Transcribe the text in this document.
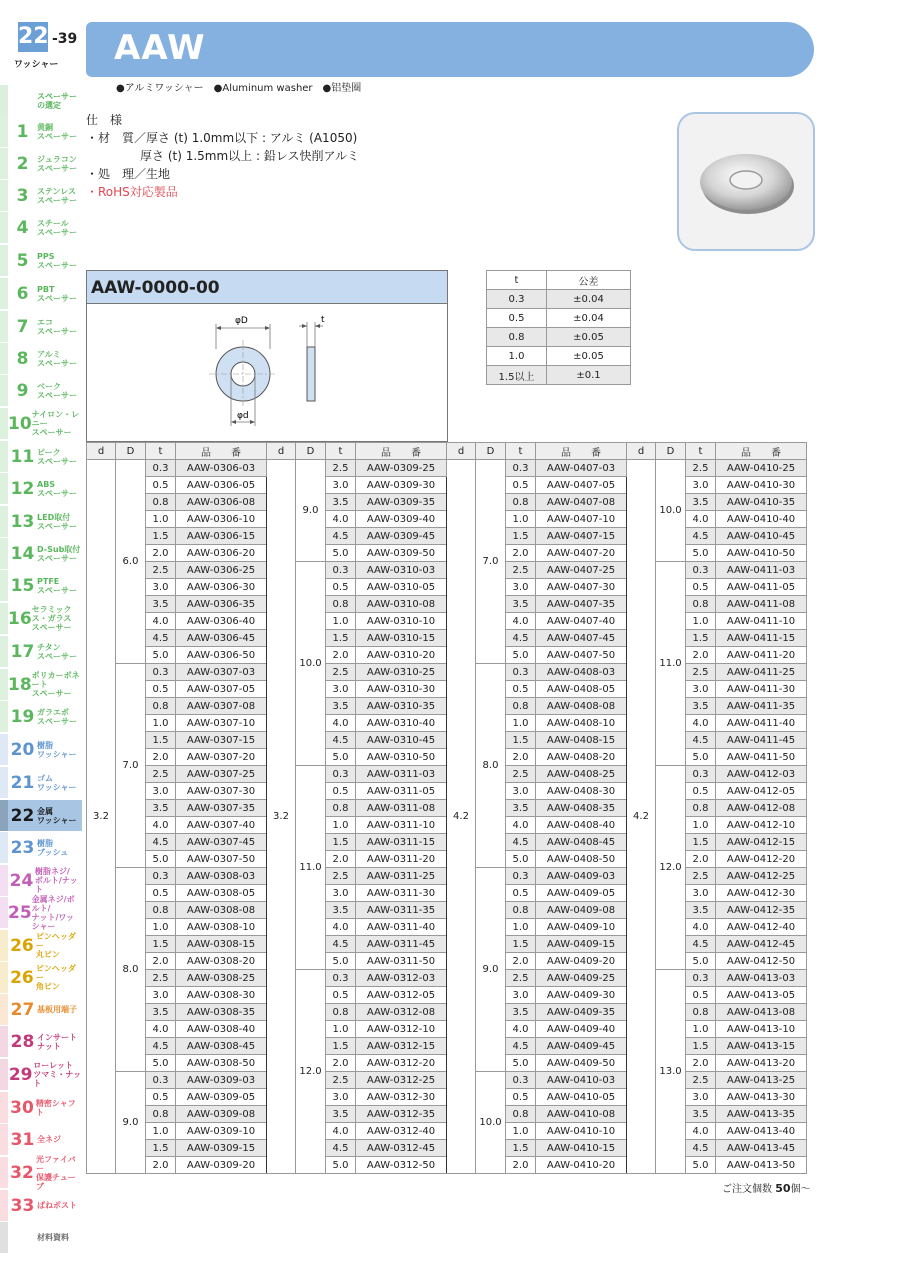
22 -39
ワッシャー
スペーサー
の選定
1	黄銅
スペーサー
2	ジュラコン
スペーサー
3	ステンレス
スペーサー
4	スチール
スペーサー
5	PPS
スペーサー
6	PBT
スペーサー
7	エコ
スペーサー
8	アルミ
スペーサー
9	ベーク
スペーサー
10 ナイロン・レニー
スペーサー
11 ピーク
スペーサー
12 ABS
スペーサー
13 LED取付
スペーサー
14 D-Sub取付
スペーサー
15 PTFE
スペーサー
16 セラミックス・ガラス
スペーサー
17 チタン
スペーサー
18 ポリカーボネート
スペーサー
19 ガラエポ
スペーサー
20 樹脂
ワッシャー
21 ゴム
ワッシャー
22 金属
ワッシャー
23 樹脂
ブッシュ
24 樹脂ネジ/
ボルト/ナット
25
金属ネジ/ボルト/
ナット/ワッシャー
26 ピンヘッダー
丸ピン
26 ピンヘッダー
角ピン
27 基板用端子
28 インサート
ナット
29 ローレット
ツマミ・ナット
30 精密シャフト
31 全ネジ
32
光ファイバー
保護チューブ
33 ばねポスト
材料資料
AAW
●アルミワッシャー　●Aluminum washer　●铝垫圈
仕　様
・材　質／厚さ (t) 1.0mm以下 : アルミ (A1050)
厚さ (t) 1.5mm以上 : 鉛レス快削アルミ
・処　理／生地
・RoHS対応製品
AAW-0000-00
φD
φd
t
t	公差
0.3	±0.04
0.5	±0.04
0.8	±0.05
1.0	±0.05
1.5以上	±0.1
d	D	t	品　　番	d	D	t	品　　番	d	D	t	品　　番	d	D	t	品　　番
3.2	6.0	0.3	AAW-0306-03	3.2	9.0	2.5	AAW-0309-25	4.2	7.0	0.3	AAW-0407-03	4.2	10.0	2.5	AAW-0410-25
		0.5	AAW-0306-05			3.0	AAW-0309-30			0.5	AAW-0407-05			3.0	AAW-0410-30
		0.8	AAW-0306-08			3.5	AAW-0309-35			0.8	AAW-0407-08			3.5	AAW-0410-35
		1.0	AAW-0306-10			4.0	AAW-0309-40			1.0	AAW-0407-10			4.0	AAW-0410-40
		1.5	AAW-0306-15			4.5	AAW-0309-45			1.5	AAW-0407-15			4.5	AAW-0410-45
		2.0	AAW-0306-20			5.0	AAW-0309-50			2.0	AAW-0407-20			5.0	AAW-0410-50
		2.5	AAW-0306-25		10.0	0.3	AAW-0310-03			2.5	AAW-0407-25		11.0	0.3	AAW-0411-03
		3.0	AAW-0306-30			0.5	AAW-0310-05			3.0	AAW-0407-30			0.5	AAW-0411-05
		3.5	AAW-0306-35			0.8	AAW-0310-08			3.5	AAW-0407-35			0.8	AAW-0411-08
		4.0	AAW-0306-40			1.0	AAW-0310-10			4.0	AAW-0407-40			1.0	AAW-0411-10
		4.5	AAW-0306-45			1.5	AAW-0310-15			4.5	AAW-0407-45			1.5	AAW-0411-15
		5.0	AAW-0306-50			2.0	AAW-0310-20			5.0	AAW-0407-50			2.0	AAW-0411-20
	7.0	0.3	AAW-0307-03			2.5	AAW-0310-25		8.0	0.3	AAW-0408-03			2.5	AAW-0411-25
		0.5	AAW-0307-05			3.0	AAW-0310-30			0.5	AAW-0408-05			3.0	AAW-0411-30
		0.8	AAW-0307-08			3.5	AAW-0310-35			0.8	AAW-0408-08			3.5	AAW-0411-35
		1.0	AAW-0307-10			4.0	AAW-0310-40			1.0	AAW-0408-10			4.0	AAW-0411-40
		1.5	AAW-0307-15			4.5	AAW-0310-45			1.5	AAW-0408-15			4.5	AAW-0411-45
		2.0	AAW-0307-20			5.0	AAW-0310-50			2.0	AAW-0408-20			5.0	AAW-0411-50
		2.5	AAW-0307-25		11.0	0.3	AAW-0311-03			2.5	AAW-0408-25		12.0	0.3	AAW-0412-03
		3.0	AAW-0307-30			0.5	AAW-0311-05			3.0	AAW-0408-30			0.5	AAW-0412-05
		3.5	AAW-0307-35			0.8	AAW-0311-08			3.5	AAW-0408-35			0.8	AAW-0412-08
		4.0	AAW-0307-40			1.0	AAW-0311-10			4.0	AAW-0408-40			1.0	AAW-0412-10
		4.5	AAW-0307-45			1.5	AAW-0311-15			4.5	AAW-0408-45			1.5	AAW-0412-15
		5.0	AAW-0307-50			2.0	AAW-0311-20			5.0	AAW-0408-50			2.0	AAW-0412-20
	8.0	0.3	AAW-0308-03			2.5	AAW-0311-25		9.0	0.3	AAW-0409-03			2.5	AAW-0412-25
		0.5	AAW-0308-05			3.0	AAW-0311-30			0.5	AAW-0409-05			3.0	AAW-0412-30
		0.8	AAW-0308-08			3.5	AAW-0311-35			0.8	AAW-0409-08			3.5	AAW-0412-35
		1.0	AAW-0308-10			4.0	AAW-0311-40			1.0	AAW-0409-10			4.0	AAW-0412-40
		1.5	AAW-0308-15			4.5	AAW-0311-45			1.5	AAW-0409-15			4.5	AAW-0412-45
		2.0	AAW-0308-20			5.0	AAW-0311-50			2.0	AAW-0409-20			5.0	AAW-0412-50
		2.5	AAW-0308-25		12.0	0.3	AAW-0312-03			2.5	AAW-0409-25		13.0	0.3	AAW-0413-03
		3.0	AAW-0308-30			0.5	AAW-0312-05			3.0	AAW-0409-30			0.5	AAW-0413-05
		3.5	AAW-0308-35			0.8	AAW-0312-08			3.5	AAW-0409-35			0.8	AAW-0413-08
		4.0	AAW-0308-40			1.0	AAW-0312-10			4.0	AAW-0409-40			1.0	AAW-0413-10
		4.5	AAW-0308-45			1.5	AAW-0312-15			4.5	AAW-0409-45			1.5	AAW-0413-15
		5.0	AAW-0308-50			2.0	AAW-0312-20			5.0	AAW-0409-50			2.0	AAW-0413-20
	9.0	0.3	AAW-0309-03			2.5	AAW-0312-25		10.0	0.3	AAW-0410-03			2.5	AAW-0413-25
		0.5	AAW-0309-05			3.0	AAW-0312-30			0.5	AAW-0410-05			3.0	AAW-0413-30
		0.8	AAW-0309-08			3.5	AAW-0312-35			0.8	AAW-0410-08			3.5	AAW-0413-35
		1.0	AAW-0309-10			4.0	AAW-0312-40			1.0	AAW-0410-10			4.0	AAW-0413-40
		1.5	AAW-0309-15			4.5	AAW-0312-45			1.5	AAW-0410-15			4.5	AAW-0413-45
		2.0	AAW-0309-20			5.0	AAW-0312-50			2.0	AAW-0410-20			5.0	AAW-0413-50
ご注文個数 50個〜
